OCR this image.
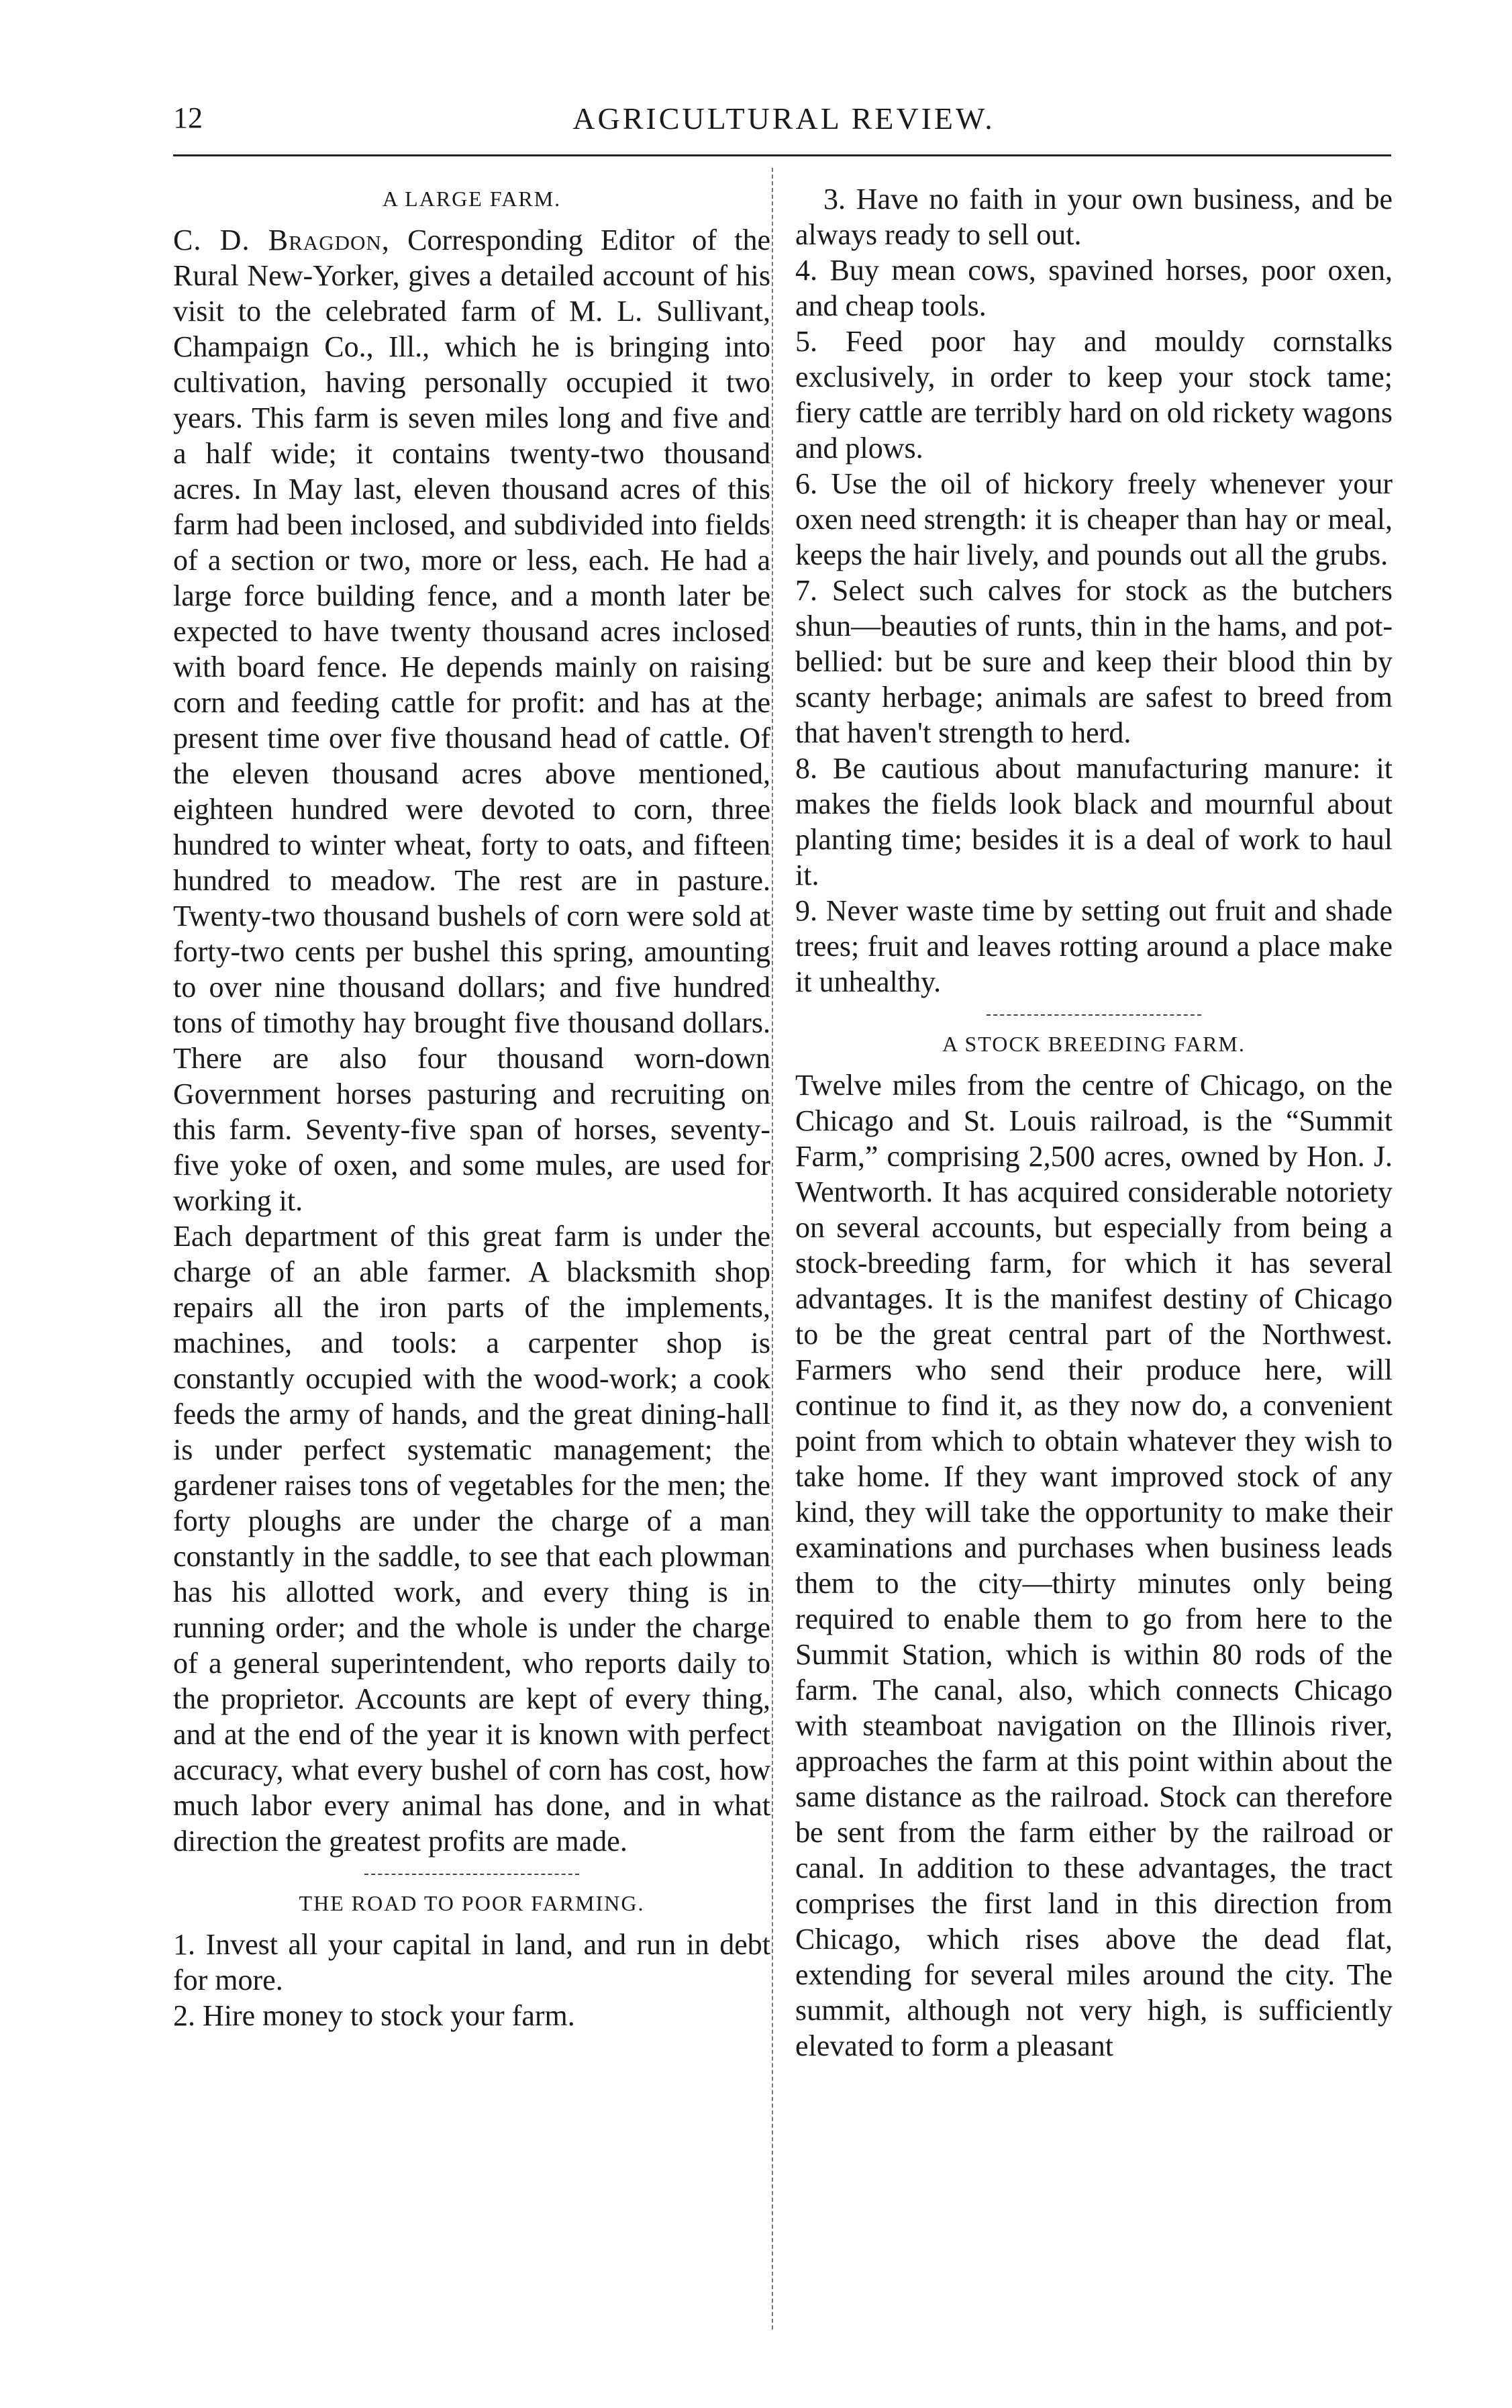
12	AGRICULTURAL REVIEW.

A LARGE FARM.

C. D. Bragdon, Corresponding Editor of the Rural New-Yorker, gives a detailed account of his visit to the celebrated farm of M. L. Sullivant, Champaign Co., Ill., which he is bringing into cultivation, having personally occupied it two years. This farm is seven miles long and five and a half wide; it contains twenty-two thousand acres. In May last, eleven thousand acres of this farm had been inclosed, and subdivided into fields of a section or two, more or less, each. He had a large force building fence, and a month later be expected to have twenty thousand acres inclosed with board fence. He depends mainly on raising corn and feeding cattle for profit: and has at the present time over five thousand head of cattle. Of the eleven thousand acres above mentioned, eighteen hundred were devoted to corn, three hundred to winter wheat, forty to oats, and fifteen hundred to meadow. The rest are in pasture. Twenty-two thousand bushels of corn were sold at forty-two cents per bushel this spring, amounting to over nine thousand dollars; and five hundred tons of timothy hay brought five thousand dollars. There are also four thousand worn-down Government horses pasturing and recruiting on this farm. Seventy-five span of horses, seventy-five yoke of oxen, and some mules, are used for working it.

Each department of this great farm is under the charge of an able farmer. A blacksmith shop repairs all the iron parts of the implements, machines, and tools: a carpenter shop is constantly occupied with the wood-work; a cook feeds the army of hands, and the great dining-hall is under perfect systematic management; the gardener raises tons of vegetables for the men; the forty ploughs are under the charge of a man constantly in the saddle, to see that each plowman has his allotted work, and every thing is in running order; and the whole is under the charge of a general superintendent, who reports daily to the proprietor. Accounts are kept of every thing, and at the end of the year it is known with perfect accuracy, what every bushel of corn has cost, how much labor every animal has done, and in what direction the greatest profits are made.

THE ROAD TO POOR FARMING.

1. Invest all your capital in land, and run in debt for more.

2. Hire money to stock your farm.

3. Have no faith in your own business, and be always ready to sell out.

4. Buy mean cows, spavined horses, poor oxen, and cheap tools.

5. Feed poor hay and mouldy cornstalks exclusively, in order to keep your stock tame; fiery cattle are terribly hard on old rickety wagons and plows.

6. Use the oil of hickory freely whenever your oxen need strength: it is cheaper than hay or meal, keeps the hair lively, and pounds out all the grubs.

7. Select such calves for stock as the butchers shun—beauties of runts, thin in the hams, and pot-bellied: but be sure and keep their blood thin by scanty herbage; animals are safest to breed from that haven't strength to herd.

8. Be cautious about manufacturing manure: it makes the fields look black and mournful about planting time; besides it is a deal of work to haul it.

9. Never waste time by setting out fruit and shade trees; fruit and leaves rotting around a place make it unhealthy.

A STOCK BREEDING FARM.

Twelve miles from the centre of Chicago, on the Chicago and St. Louis railroad, is the “Summit Farm,” comprising 2,500 acres, owned by Hon. J. Wentworth. It has acquired considerable notoriety on several accounts, but especially from being a stock-breeding farm, for which it has several advantages. It is the manifest destiny of Chicago to be the great central part of the Northwest. Farmers who send their produce here, will continue to find it, as they now do, a convenient point from which to obtain whatever they wish to take home. If they want improved stock of any kind, they will take the opportunity to make their examinations and purchases when business leads them to the city—thirty minutes only being required to enable them to go from here to the Summit Station, which is within 80 rods of the farm. The canal, also, which connects Chicago with steamboat navigation on the Illinois river, approaches the farm at this point within about the same distance as the railroad. Stock can therefore be sent from the farm either by the railroad or canal. In addition to these advantages, the tract comprises the first land in this direction from Chicago, which rises above the dead flat, extending for several miles around the city. The summit, although not very high, is sufficiently elevated to form a pleasant
